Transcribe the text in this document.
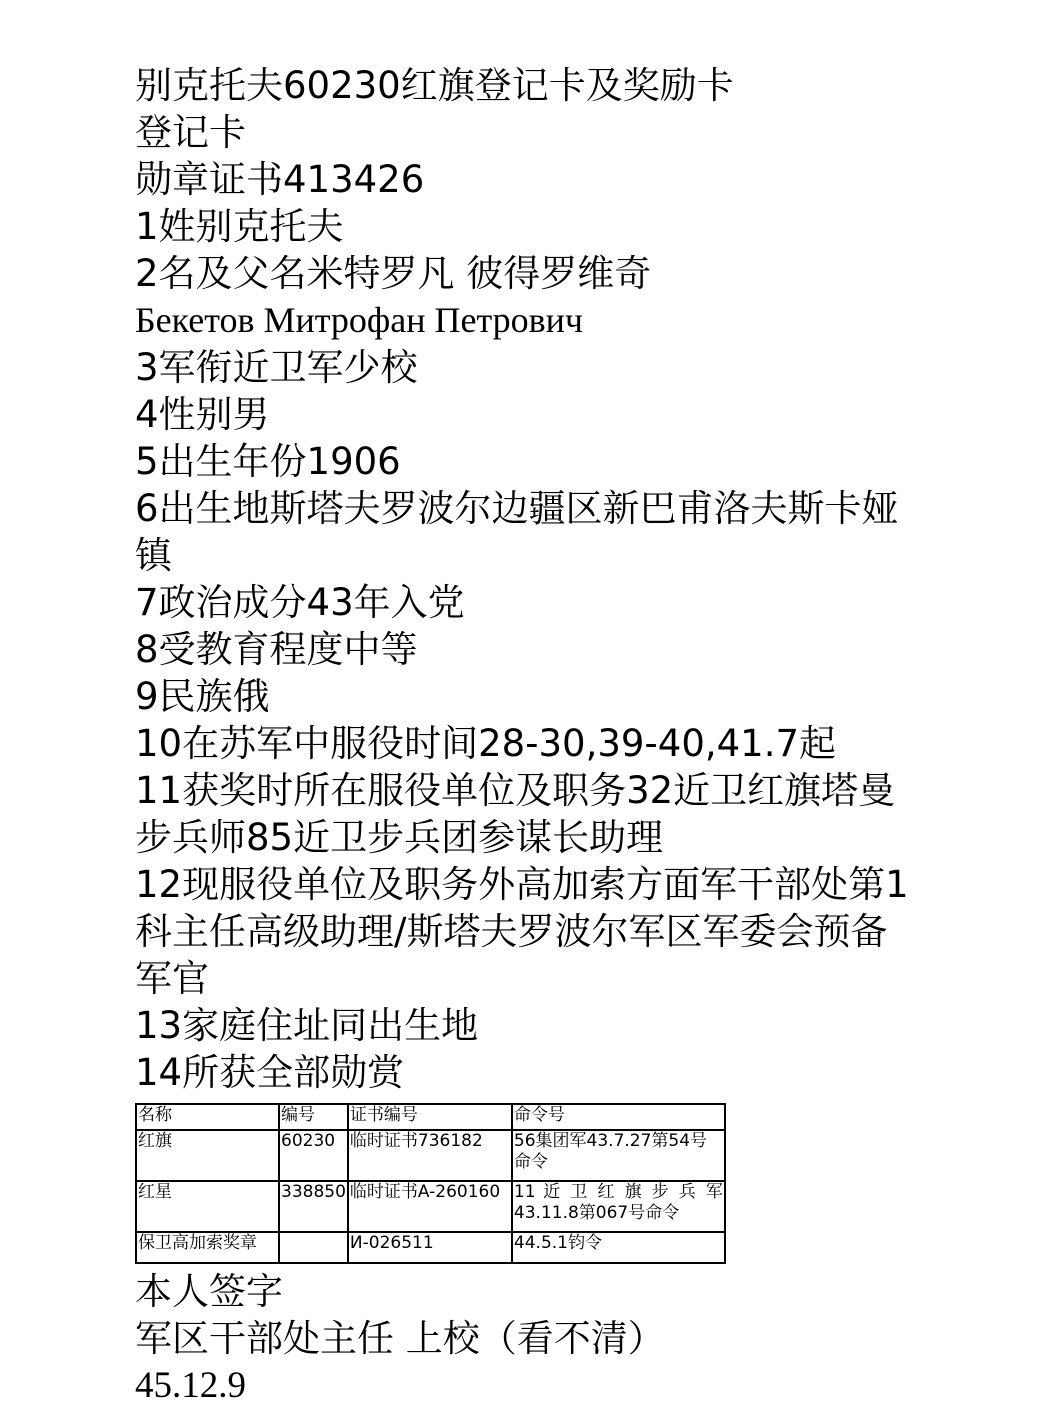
别克托夫60230红旗登记卡及奖励卡
登记卡
勋章证书413426
1姓别克托夫
2名及父名米特罗凡 彼得罗维奇
Бекетов Митрофан Петрович
3军衔近卫军少校
4性别男
5出生年份1906
6出生地斯塔夫罗波尔边疆区新巴甫洛夫斯卡娅
镇
7政治成分43年入党
8受教育程度中等
9民族俄
10在苏军中服役时间28-30,39-40,41.7起
11获奖时所在服役单位及职务32近卫红旗塔曼
步兵师85近卫步兵团参谋长助理
12现服役单位及职务外高加索方面军干部处第1
科主任高级助理/斯塔夫罗波尔军区军委会预备
军官
13家庭住址同出生地
14所获全部勋赏
名称	编号	证书编号	命令号
红旗	60230	临时证书736182	56集团军43.7.27第54号命令
红星	338850	临时证书A-260160	11 近 卫 红 旗 步 兵 军 43.11.8第067号命令
保卫高加索奖章		И-026511	44.5.1钧令
本人签字
军区干部处主任 上校（看不清）
45.12.9
